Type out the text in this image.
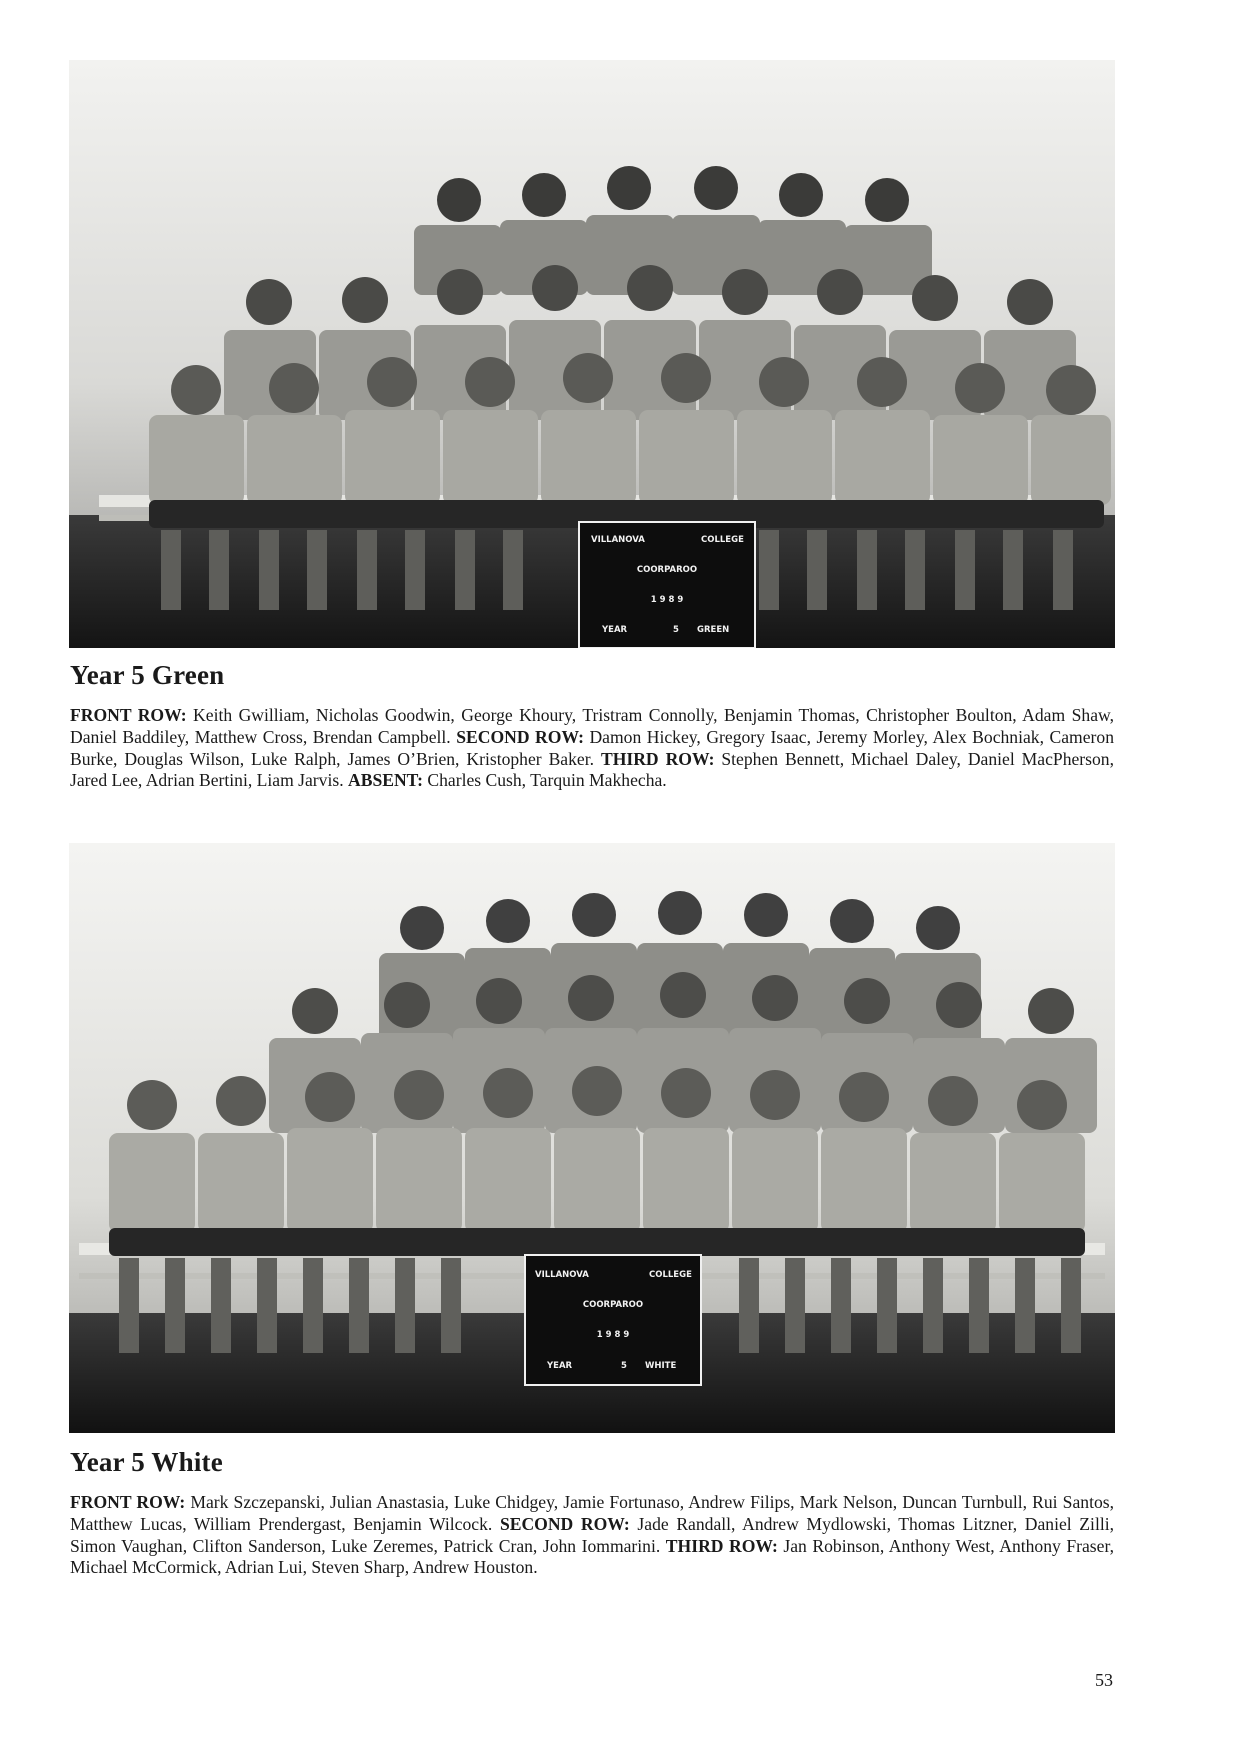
VILLANOVA	COLLEGE
COORPAROO
1 9 8 9
YEAR	5 GREEN
Year 5 Green

FRONT ROW: Keith Gwilliam, Nicholas Goodwin, George Khoury, Tristram Connolly, Benjamin Thomas, Christopher Boulton, Adam Shaw, Daniel Baddiley, Matthew Cross, Brendan Campbell. SECOND ROW: Damon Hickey, Gregory Isaac, Jeremy Morley, Alex Bochniak, Cameron Burke, Douglas Wilson, Luke Ralph, James O’Brien, Kristopher Baker. THIRD ROW: Stephen Bennett, Michael Daley, Daniel MacPherson, Jared Lee, Adrian Bertini, Liam Jarvis. ABSENT: Charles Cush, Tarquin Makhecha.

VILLANOVA	COLLEGE
COORPAROO
1 9 8 9
YEAR	5 WHITE
Year 5 White

FRONT ROW: Mark Szczepanski, Julian Anastasia, Luke Chidgey, Jamie Fortunaso, Andrew Filips, Mark Nelson, Duncan Turnbull, Rui Santos, Matthew Lucas, William Prendergast, Benjamin Wilcock. SECOND ROW: Jade Randall, Andrew Mydlowski, Thomas Litzner, Daniel Zilli, Simon Vaughan, Clifton Sanderson, Luke Zeremes, Patrick Cran, John Iommarini. THIRD ROW: Jan Robinson, Anthony West, Anthony Fraser, Michael McCormick, Adrian Lui, Steven Sharp, Andrew Houston.

53
